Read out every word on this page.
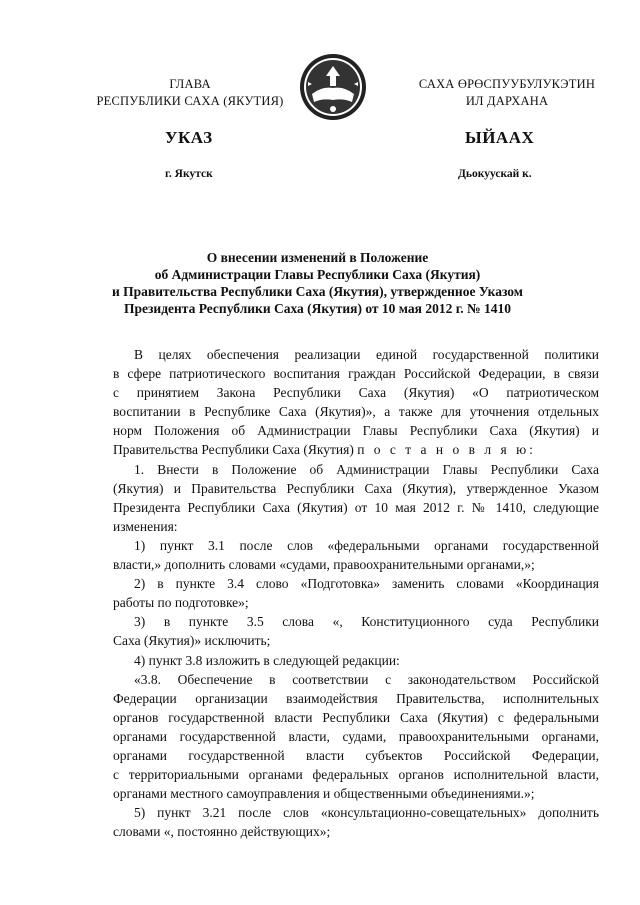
ГЛАВА
РЕСПУБЛИКИ САХА (ЯКУТИЯ)
САХА ӨРӨСПУУБУЛУКЭТИН
ИЛ ДАРХАНА
УКАЗ	ЫЙААХ
г. Якутск	Дьокуускай к.
О внесении изменений в Положение
об Администрации Главы Республики Саха (Якутия)
и Правительства Республики Саха (Якутия), утвержденное Указом
Президента Республики Саха (Якутия) от 10 мая 2012 г. № 1410
В целях обеспечения реализации единой государственной политики
в сфере патриотического воспитания граждан Российской Федерации, в связи
с принятием Закона Республики Саха (Якутия) «О патриотическом
воспитании в Республике Саха (Якутия)», а также для уточнения отдельных
норм Положения об Администрации Главы Республики Саха (Якутия) и
Правительства Республики Саха (Якутия) п о с т а н о в л я ю:
1. Внести в Положение об Администрации Главы Республики Саха
(Якутия) и Правительства Республики Саха (Якутия), утвержденное Указом
Президента Республики Саха (Якутия) от 10 мая 2012 г. № 1410, следующие
изменения:
1) пункт 3.1 после слов «федеральными органами государственной
власти,» дополнить словами «судами, правоохранительными органами,»;
2) в пункте 3.4 слово «Подготовка» заменить словами «Координация
работы по подготовке»;
3) в пункте 3.5 слова «, Конституционного суда Республики
Саха (Якутия)» исключить;
4) пункт 3.8 изложить в следующей редакции:
«3.8. Обеспечение в соответствии с законодательством Российской
Федерации организации взаимодействия Правительства, исполнительных
органов государственной власти Республики Саха (Якутия) с федеральными
органами государственной власти, судами, правоохранительными органами,
органами государственной власти субъектов Российской Федерации,
с территориальными органами федеральных органов исполнительной власти,
органами местного самоуправления и общественными объединениями.»;
5) пункт 3.21 после слов «консультационно-совещательных» дополнить
словами «, постоянно действующих»;
